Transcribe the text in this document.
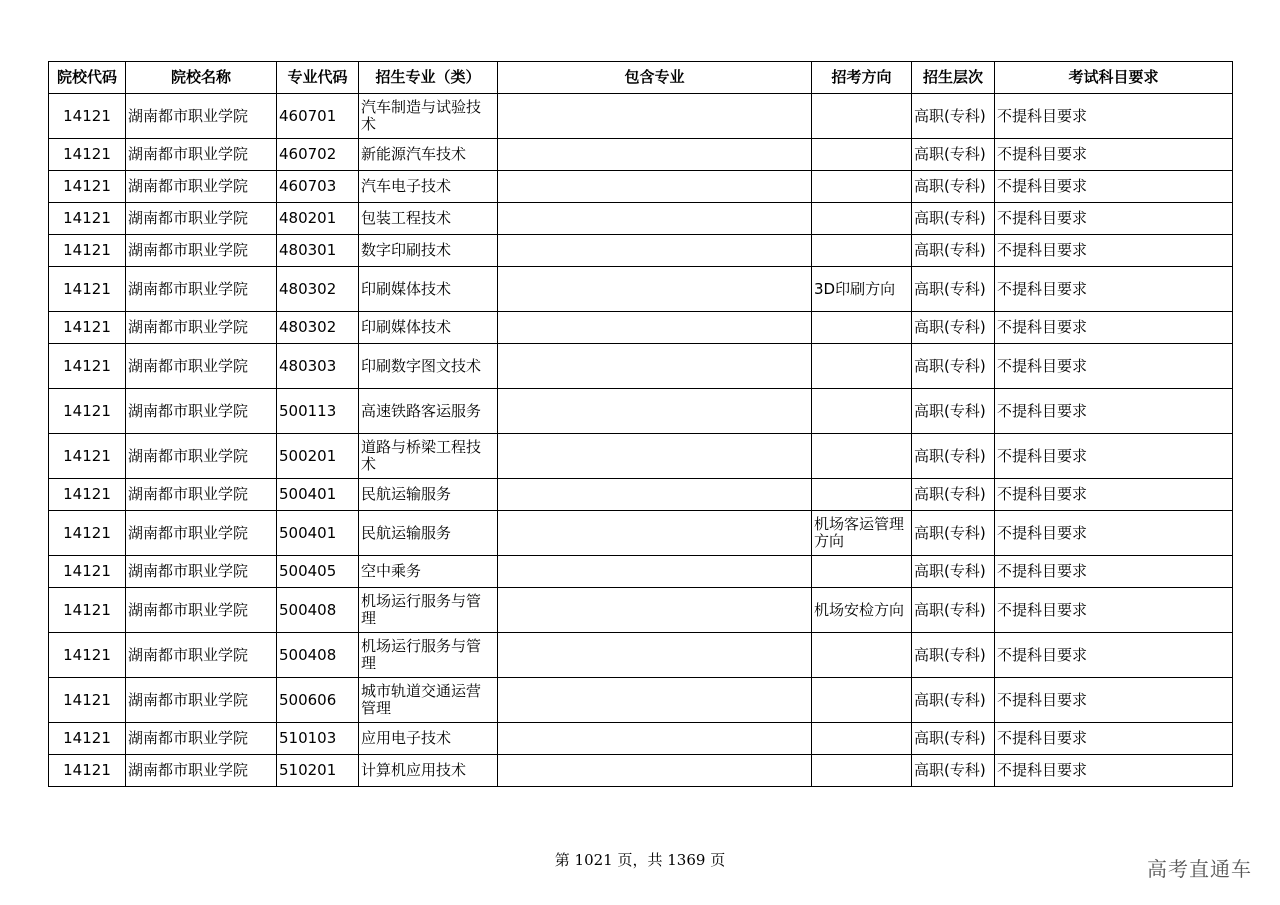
院校代码	院校名称	专业代码	招生专业（类）	包含专业	招考方向	招生层次	考试科目要求
14121	湖南都市职业学院	460701	汽车制造与试验技术			高职(专科)	不提科目要求
14121	湖南都市职业学院	460702	新能源汽车技术			高职(专科)	不提科目要求
14121	湖南都市职业学院	460703	汽车电子技术			高职(专科)	不提科目要求
14121	湖南都市职业学院	480201	包装工程技术			高职(专科)	不提科目要求
14121	湖南都市职业学院	480301	数字印刷技术			高职(专科)	不提科目要求
14121	湖南都市职业学院	480302	印刷媒体技术		3D印刷方向	高职(专科)	不提科目要求
14121	湖南都市职业学院	480302	印刷媒体技术			高职(专科)	不提科目要求
14121	湖南都市职业学院	480303	印刷数字图文技术			高职(专科)	不提科目要求
14121	湖南都市职业学院	500113	高速铁路客运服务			高职(专科)	不提科目要求
14121	湖南都市职业学院	500201	道路与桥梁工程技术			高职(专科)	不提科目要求
14121	湖南都市职业学院	500401	民航运输服务			高职(专科)	不提科目要求
14121	湖南都市职业学院	500401	民航运输服务		机场客运管理方向	高职(专科)	不提科目要求
14121	湖南都市职业学院	500405	空中乘务			高职(专科)	不提科目要求
14121	湖南都市职业学院	500408	机场运行服务与管理		机场安检方向	高职(专科)	不提科目要求
14121	湖南都市职业学院	500408	机场运行服务与管理			高职(专科)	不提科目要求
14121	湖南都市职业学院	500606	城市轨道交通运营管理			高职(专科)	不提科目要求
14121	湖南都市职业学院	510103	应用电子技术			高职(专科)	不提科目要求
14121	湖南都市职业学院	510201	计算机应用技术			高职(专科)	不提科目要求
第 1021 页，共 1369 页	高考直通车
